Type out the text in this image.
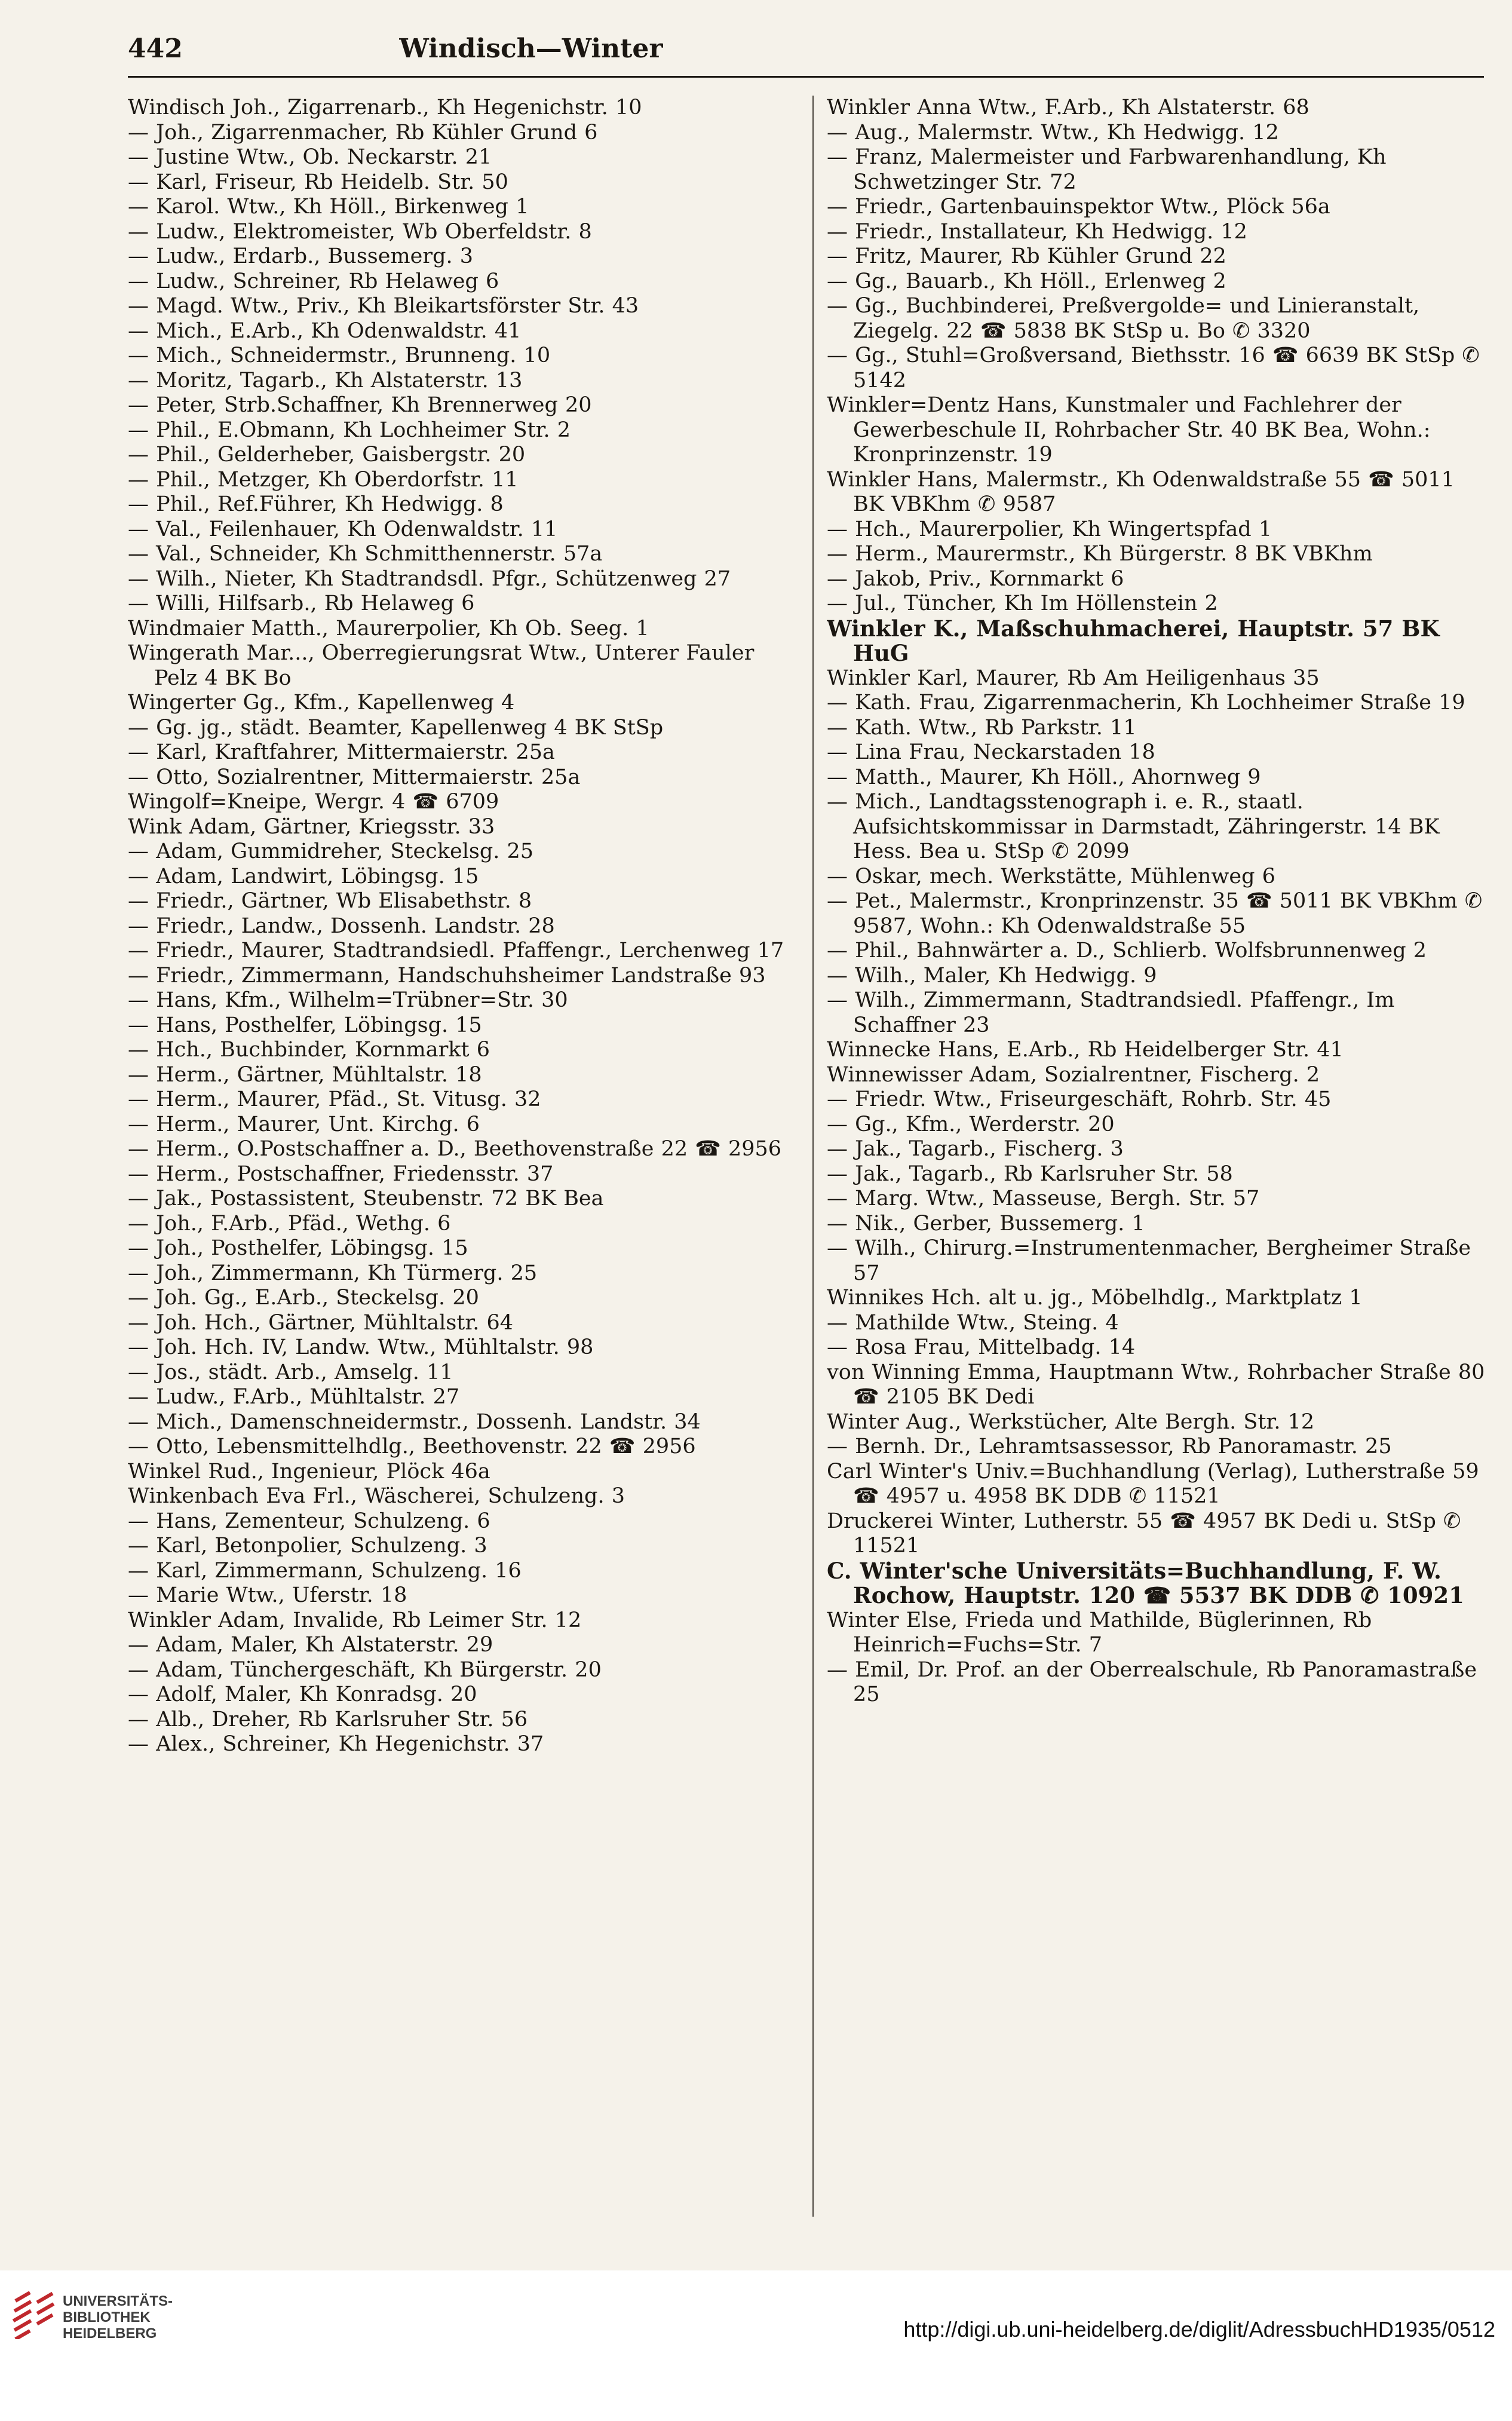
442	Windisch—Winter
Windisch Joh., Zigarrenarb., Kh Hegenichstr. 10
— Joh., Zigarrenmacher, Rb Kühler Grund 6
— Justine Wtw., Ob. Neckarstr. 21
— Karl, Friseur, Rb Heidelb. Str. 50
— Karol. Wtw., Kh Höll., Birkenweg 1
— Ludw., Elektromeister, Wb Oberfeldstr. 8
— Ludw., Erdarb., Bussemerg. 3
— Ludw., Schreiner, Rb Helaweg 6
— Magd. Wtw., Priv., Kh Bleikartsförster Str. 43
— Mich., E.Arb., Kh Odenwaldstr. 41
— Mich., Schneidermstr., Brunneng. 10
— Moritz, Tagarb., Kh Alstaterstr. 13
— Peter, Strb.Schaffner, Kh Brennerweg 20
— Phil., E.Obmann, Kh Lochheimer Str. 2
— Phil., Gelderheber, Gaisbergstr. 20
— Phil., Metzger, Kh Oberdorfstr. 11
— Phil., Ref.Führer, Kh Hedwigg. 8
— Val., Feilenhauer, Kh Odenwaldstr. 11
— Val., Schneider, Kh Schmitthennerstr. 57a
— Wilh., Nieter, Kh Stadtrandsdl. Pfgr., Schützenweg 27
— Willi, Hilfsarb., Rb Helaweg 6
Windmaier Matth., Maurerpolier, Kh Ob. Seeg. 1
Wingerath Mar..., Oberregierungsrat Wtw., Unterer Fauler Pelz 4 BK Bo
Wingerter Gg., Kfm., Kapellenweg 4
— Gg. jg., städt. Beamter, Kapellenweg 4 BK StSp
— Karl, Kraftfahrer, Mittermaierstr. 25a
— Otto, Sozialrentner, Mittermaierstr. 25a
Wingolf=Kneipe, Wergr. 4 ☎ 6709
Wink Adam, Gärtner, Kriegsstr. 33
— Adam, Gummidreher, Steckelsg. 25
— Adam, Landwirt, Löbingsg. 15
— Friedr., Gärtner, Wb Elisabethstr. 8
— Friedr., Landw., Dossenh. Landstr. 28
— Friedr., Maurer, Stadtrandsiedl. Pfaffengr., Lerchenweg 17
— Friedr., Zimmermann, Handschuhsheimer Landstraße 93
— Hans, Kfm., Wilhelm=Trübner=Str. 30
— Hans, Posthelfer, Löbingsg. 15
— Hch., Buchbinder, Kornmarkt 6
— Herm., Gärtner, Mühltalstr. 18
— Herm., Maurer, Pfäd., St. Vitusg. 32
— Herm., Maurer, Unt. Kirchg. 6
— Herm., O.Postschaffner a. D., Beethovenstraße 22 ☎ 2956
— Herm., Postschaffner, Friedensstr. 37
— Jak., Postassistent, Steubenstr. 72 BK Bea
— Joh., F.Arb., Pfäd., Wethg. 6
— Joh., Posthelfer, Löbingsg. 15
— Joh., Zimmermann, Kh Türmerg. 25
— Joh. Gg., E.Arb., Steckelsg. 20
— Joh. Hch., Gärtner, Mühltalstr. 64
— Joh. Hch. IV, Landw. Wtw., Mühltalstr. 98
— Jos., städt. Arb., Amselg. 11
— Ludw., F.Arb., Mühltalstr. 27
— Mich., Damenschneidermstr., Dossenh. Landstr. 34
— Otto, Lebensmittelhdlg., Beethovenstr. 22 ☎ 2956
Winkel Rud., Ingenieur, Plöck 46a
Winkenbach Eva Frl., Wäscherei, Schulzeng. 3
— Hans, Zementeur, Schulzeng. 6
— Karl, Betonpolier, Schulzeng. 3
— Karl, Zimmermann, Schulzeng. 16
— Marie Wtw., Uferstr. 18
Winkler Adam, Invalide, Rb Leimer Str. 12
— Adam, Maler, Kh Alstaterstr. 29
— Adam, Tünchergeschäft, Kh Bürgerstr. 20
— Adolf, Maler, Kh Konradsg. 20
— Alb., Dreher, Rb Karlsruher Str. 56
— Alex., Schreiner, Kh Hegenichstr. 37
Winkler Anna Wtw., F.Arb., Kh Alstaterstr. 68
— Aug., Malermstr. Wtw., Kh Hedwigg. 12
— Franz, Malermeister und Farbwarenhandlung, Kh Schwetzinger Str. 72
— Friedr., Gartenbauinspektor Wtw., Plöck 56a
— Friedr., Installateur, Kh Hedwigg. 12
— Fritz, Maurer, Rb Kühler Grund 22
— Gg., Bauarb., Kh Höll., Erlenweg 2
— Gg., Buchbinderei, Preßvergolde= und Linieranstalt, Ziegelg. 22 ☎ 5838 BK StSp u. Bo ✆ 3320
— Gg., Stuhl=Großversand, Biethsstr. 16 ☎ 6639 BK StSp ✆ 5142
Winkler=Dentz Hans, Kunstmaler und Fachlehrer der Gewerbeschule II, Rohrbacher Str. 40 BK Bea, Wohn.: Kronprinzenstr. 19
Winkler Hans, Malermstr., Kh Odenwaldstraße 55 ☎ 5011 BK VBKhm ✆ 9587
— Hch., Maurerpolier, Kh Wingertspfad 1
— Herm., Maurermstr., Kh Bürgerstr. 8 BK VBKhm
— Jakob, Priv., Kornmarkt 6
— Jul., Tüncher, Kh Im Höllenstein 2
Winkler K., Maßschuhmacherei, Hauptstr. 57 BK HuG
Winkler Karl, Maurer, Rb Am Heiligenhaus 35
— Kath. Frau, Zigarrenmacherin, Kh Lochheimer Straße 19
— Kath. Wtw., Rb Parkstr. 11
— Lina Frau, Neckarstaden 18
— Matth., Maurer, Kh Höll., Ahornweg 9
— Mich., Landtagsstenograph i. e. R., staatl. Aufsichtskommissar in Darmstadt, Zähringerstr. 14 BK Hess. Bea u. StSp ✆ 2099
— Oskar, mech. Werkstätte, Mühlenweg 6
— Pet., Malermstr., Kronprinzenstr. 35 ☎ 5011 BK VBKhm ✆ 9587, Wohn.: Kh Odenwaldstraße 55
— Phil., Bahnwärter a. D., Schlierb. Wolfsbrunnenweg 2
— Wilh., Maler, Kh Hedwigg. 9
— Wilh., Zimmermann, Stadtrandsiedl. Pfaffengr., Im Schaffner 23
Winnecke Hans, E.Arb., Rb Heidelberger Str. 41
Winnewisser Adam, Sozialrentner, Fischerg. 2
— Friedr. Wtw., Friseurgeschäft, Rohrb. Str. 45
— Gg., Kfm., Werderstr. 20
— Jak., Tagarb., Fischerg. 3
— Jak., Tagarb., Rb Karlsruher Str. 58
— Marg. Wtw., Masseuse, Bergh. Str. 57
— Nik., Gerber, Bussemerg. 1
— Wilh., Chirurg.=Instrumentenmacher, Bergheimer Straße 57
Winnikes Hch. alt u. jg., Möbelhdlg., Marktplatz 1
— Mathilde Wtw., Steing. 4
— Rosa Frau, Mittelbadg. 14
von Winning Emma, Hauptmann Wtw., Rohrbacher Straße 80 ☎ 2105 BK Dedi
Winter Aug., Werkstücher, Alte Bergh. Str. 12
— Bernh. Dr., Lehramtsassessor, Rb Panoramastr. 25
Carl Winter's Univ.=Buchhandlung (Verlag), Lutherstraße 59 ☎ 4957 u. 4958 BK DDB ✆ 11521
Druckerei Winter, Lutherstr. 55 ☎ 4957 BK Dedi u. StSp ✆ 11521
C. Winter'sche Universitäts=Buchhandlung, F. W. Rochow, Hauptstr. 120 ☎ 5537 BK DDB ✆ 10921
Winter Else, Frieda und Mathilde, Büglerinnen, Rb Heinrich=Fuchs=Str. 7
— Emil, Dr. Prof. an der Oberrealschule, Rb Panoramastraße 25
UNIVERSITÄTS-
BIBLIOTHEK
HEIDELBERG	http://digi.ub.uni-heidelberg.de/diglit/AdressbuchHD1935/0512
